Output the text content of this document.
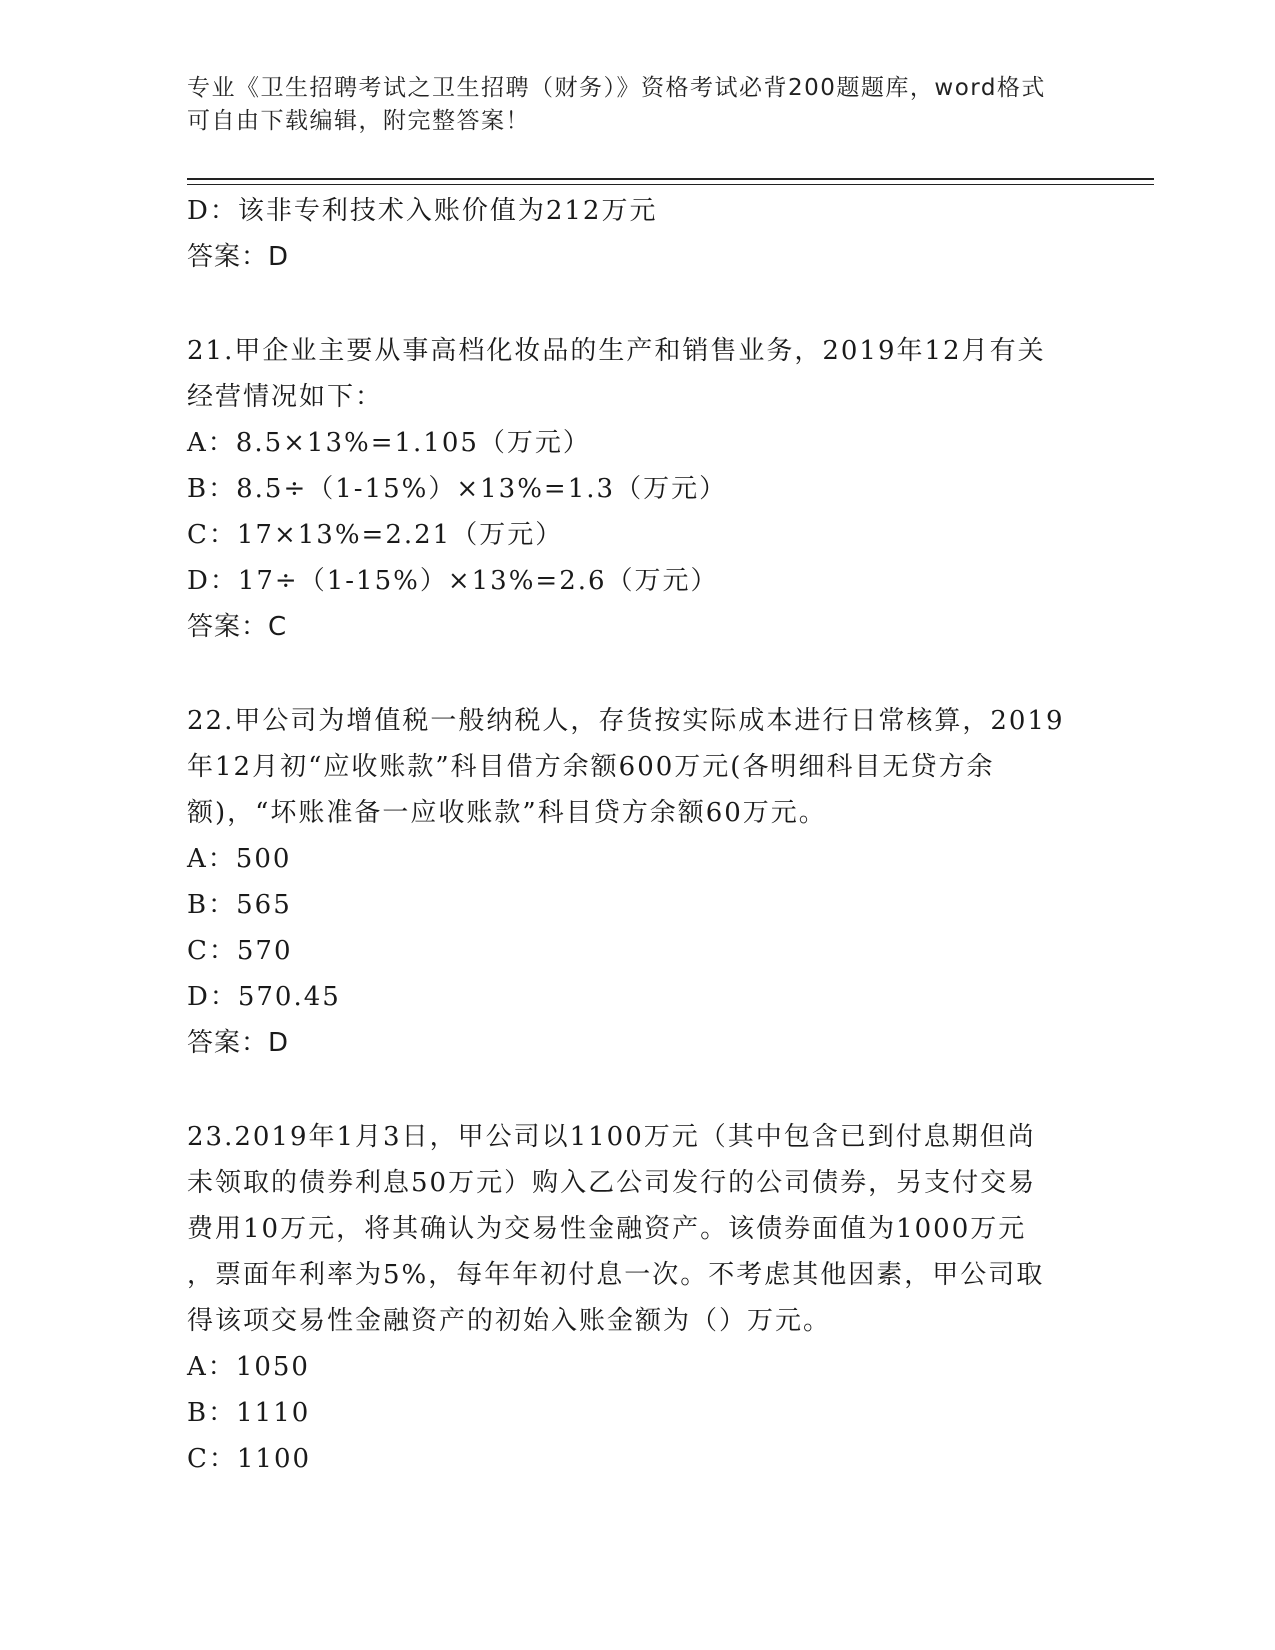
专业《卫生招聘考试之卫生招聘（财务）》资格考试必背200题题库，word格式
可自由下载编辑，附完整答案！
D：该非专利技术入账价值为212万元
答案：D
21.甲企业主要从事高档化妆品的生产和销售业务，2019年12月有关
经营情况如下：
A：8.5×13%=1.105（万元）
B：8.5÷（1-15%）×13%=1.3（万元）
C：17×13%=2.21（万元）
D：17÷（1-15%）×13%=2.6（万元）
答案：C
22.甲公司为增值税一般纳税人，存货按实际成本进行日常核算，2019
年12月初“应收账款”科目借方余额600万元(各明细科目无贷方余
额)，“坏账准备一应收账款”科目贷方余额60万元。
A：500
B：565
C：570
D：570.45
答案：D
23.2019年1月3日，甲公司以1100万元（其中包含已到付息期但尚
未领取的债券利息50万元）购入乙公司发行的公司债券，另支付交易
费用10万元，将其确认为交易性金融资产。该债券面值为1000万元
，票面年利率为5%，每年年初付息一次。不考虑其他因素，甲公司取
得该项交易性金融资产的初始入账金额为（）万元。
A：1050
B：1110
C：1100
